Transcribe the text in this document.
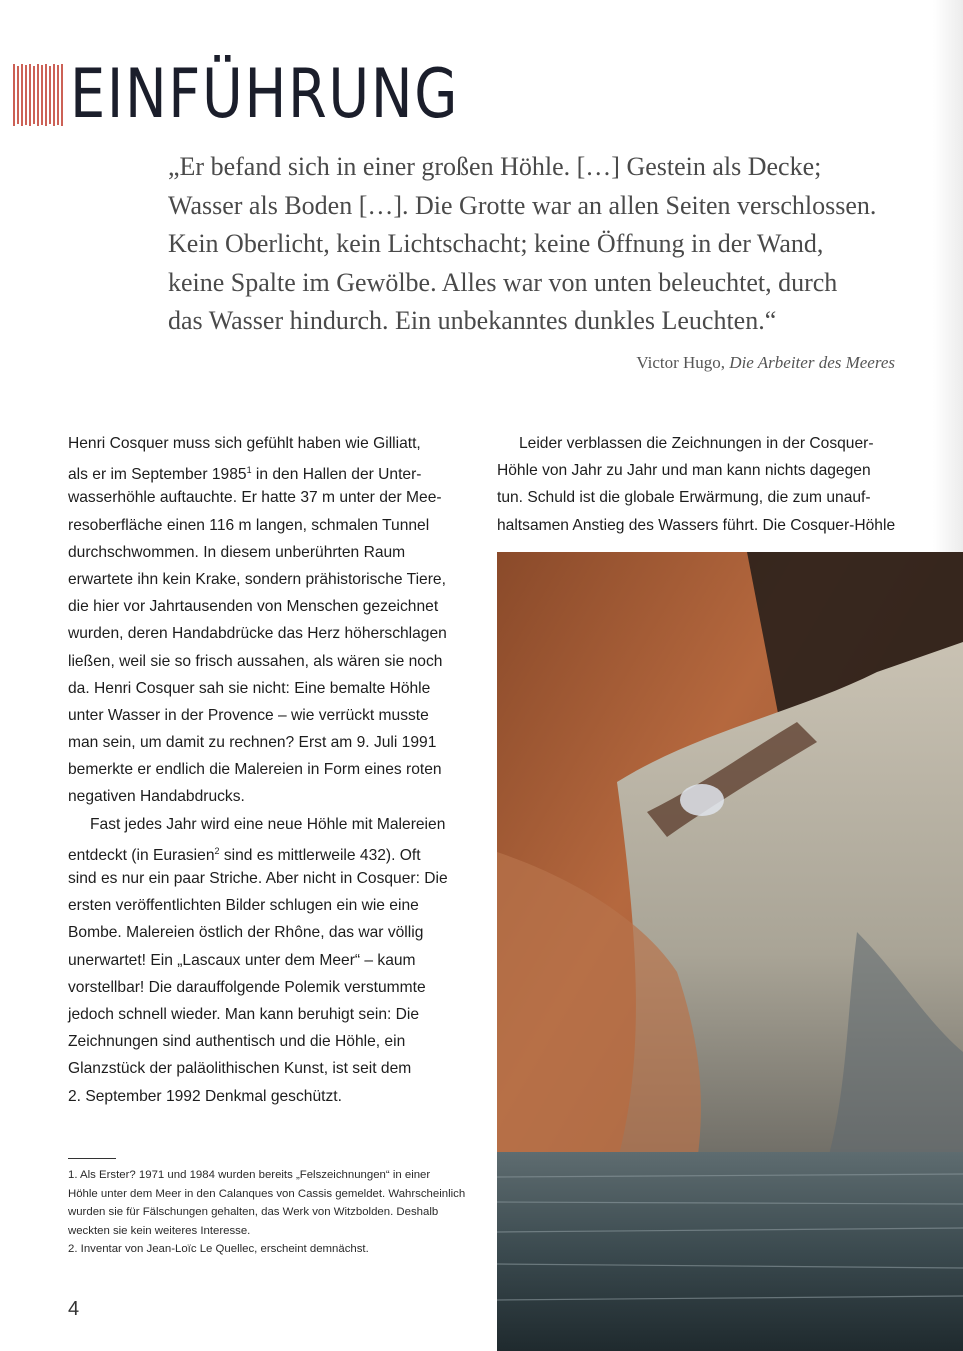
EINFÜHRUNG
„Er befand sich in einer großen Höhle. […] Gestein als Decke;
Wasser als Boden […]. Die Grotte war an allen Seiten verschlossen.
Kein Oberlicht, kein Lichtschacht; keine Öffnung in der Wand,
keine Spalte im Gewölbe. Alles war von unten beleuchtet, durch
das Wasser hindurch. Ein unbekanntes dunkles Leuchten.“
Victor Hugo, Die Arbeiter des Meeres
Henri Cosquer muss sich gefühlt haben wie Gilliatt,
als er im September 1985$^1$ in den Hallen der Unter-
wasserhöhle auftauchte. Er hatte 37 m unter der Mee-
resoberfläche einen 116 m langen, schmalen Tunnel
durchschwommen. In diesem unberührten Raum
erwartete ihn kein Krake, sondern prähistorische Tiere,
die hier vor Jahrtausenden von Menschen gezeichnet
wurden, deren Handabdrücke das Herz höherschlagen
ließen, weil sie so frisch aussahen, als wären sie noch
da. Henri Cosquer sah sie nicht: Eine bemalte Höhle
unter Wasser in der Provence – wie verrückt musste
man sein, um damit zu rechnen? Erst am 9. Juli 1991
bemerkte er endlich die Malereien in Form eines roten
negativen Handabdrucks.
Fast jedes Jahr wird eine neue Höhle mit Malereien
entdeckt (in Eurasien$^2$ sind es mittlerweile 432). Oft
sind es nur ein paar Striche. Aber nicht in Cosquer: Die
ersten veröffentlichten Bilder schlugen ein wie eine
Bombe. Malereien östlich der Rhône, das war völlig
unerwartet! Ein „Lascaux unter dem Meer“ – kaum
vorstellbar! Die darauffolgende Polemik verstummte
jedoch schnell wieder. Man kann beruhigt sein: Die
Zeichnungen sind authentisch und die Höhle, ein
Glanzstück der paläolithischen Kunst, ist seit dem
2. September 1992 Denkmal geschützt.
Leider verblassen die Zeichnungen in der Cosquer-
Höhle von Jahr zu Jahr und man kann nichts dagegen
tun. Schuld ist die globale Erwärmung, die zum unauf-
haltsamen Anstieg des Wassers führt. Die Cosquer-Höhle
1. Als Erster? 1971 und 1984 wurden bereits „Felszeichnungen“ in einer
Höhle unter dem Meer in den Calanques von Cassis gemeldet. Wahrscheinlich
wurden sie für Fälschungen gehalten, das Werk von Witzbolden. Deshalb
weckten sie kein weiteres Interesse.
2. Inventar von Jean-Loïc Le Quellec, erscheint demnächst.
4
